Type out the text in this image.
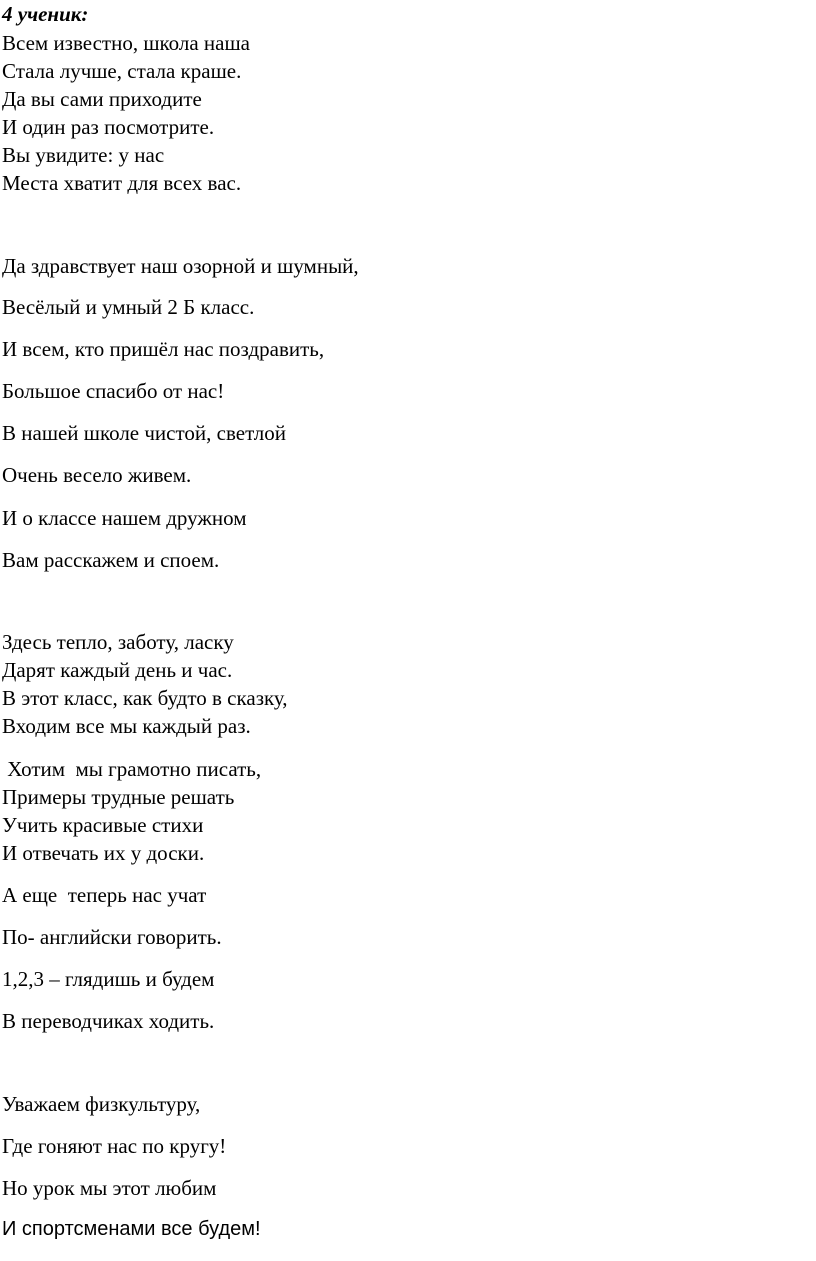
4 ученик:
Всем известно, школа наша
Стала лучше, стала краше.
Да вы сами приходите
И один раз посмотрите.
Вы увидите: у нас
Места хватит для всех вас.
Да здравствует наш озорной и шумный,
Весёлый и умный 2 Б класс.
И всем, кто пришёл нас поздравить,
Большое спасибо от нас!
В нашей школе чистой, светлой
Очень весело живем.
И о классе нашем дружном
Вам расскажем и споем.
Здесь тепло, заботу, ласку
Дарят каждый день и час.
В этот класс, как будто в сказку,
Входим все мы каждый раз.
Хотим  мы грамотно писать,
Примеры трудные решать
Учить красивые стихи
И отвечать их у доски.
А еще  теперь нас учат
По- английски говорить.
1,2,3 – глядишь и будем
В переводчиках ходить.
Уважаем физкультуру,
Где гоняют нас по кругу!
Но урок мы этот любим
И спортсменами все будем!
